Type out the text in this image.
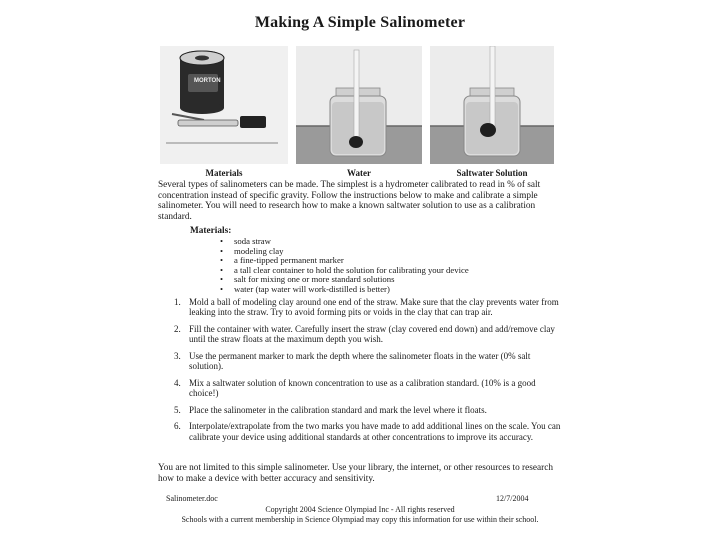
Making A Simple Salinometer
MORTON
Materials	Water	Saltwater Solution
Several types of salinometers can be made. The simplest is a hydrometer calibrated to read in % of salt concentration instead of specific gravity. Follow the instructions below to make and calibrate a simple salinometer. You will need to research how to make a known saltwater solution to use as a calibration standard.
Materials:
• soda straw
• modeling clay
• a fine-tipped permanent marker
• a tall clear container to hold the solution for calibrating your device
• salt for mixing one or more standard solutions
• water (tap water will work-distilled is better)
1. Mold a ball of modeling clay around one end of the straw. Make sure that the clay prevents water from leaking into the straw. Try to avoid forming pits or voids in the clay that can trap air.
2. Fill the container with water. Carefully insert the straw (clay covered end down) and add/remove clay until the straw floats at the maximum depth you wish.
3. Use the permanent marker to mark the depth where the salinometer floats in the water (0% salt solution).
4. Mix a saltwater solution of known concentration to use as a calibration standard. (10% is a good choice!)
5. Place the salinometer in the calibration standard and mark the level where it floats.
6. Interpolate/extrapolate from the two marks you have made to add additional lines on the scale. You can calibrate your device using additional standards at other concentrations to improve its accuracy.
You are not limited to this simple salinometer. Use your library, the internet, or other resources to research how to make a device with better accuracy and sensitivity.
Salinometer.doc	12/7/2004
Copyright 2004 Science Olympiad Inc - All rights reserved
Schools with a current membership in Science Olympiad may copy this information for use within their school.
